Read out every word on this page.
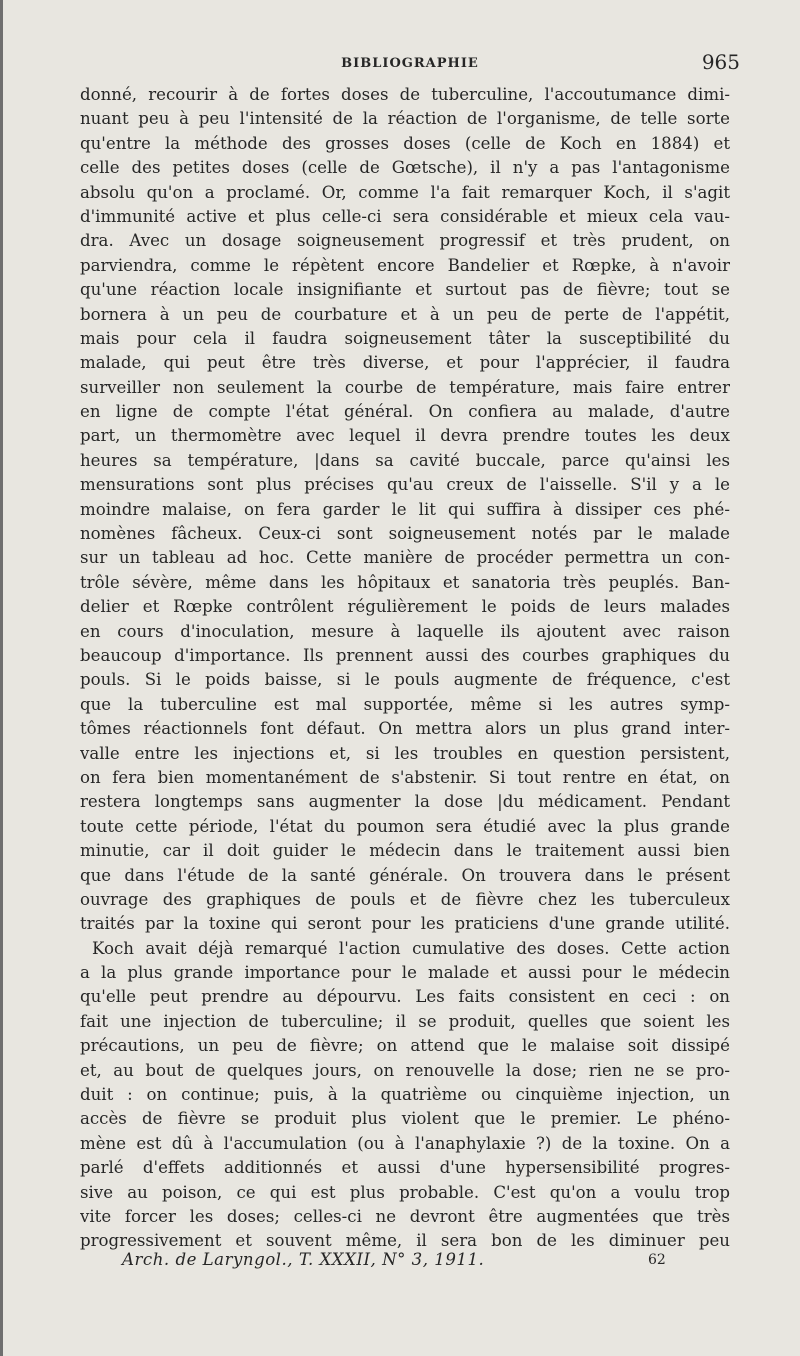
BIBLIOGRAPHIE	965
donné, recourir à de fortes doses de tuberculine, l'accoutumance dimi-
nuant peu à peu l'intensité de la réaction de l'organisme, de telle sorte
qu'entre la méthode des grosses doses (celle de Koch en 1884) et
celle des petites doses (celle de Gœtsche), il n'y a pas l'antagonisme
absolu qu'on a proclamé. Or, comme l'a fait remarquer Koch, il s'agit
d'immunité active et plus celle-ci sera considérable et mieux cela vau-
dra. Avec un dosage soigneusement progressif et très prudent, on
parviendra, comme le répètent encore Bandelier et Rœpke, à n'avoir
qu'une réaction locale insignifiante et surtout pas de fièvre; tout se
bornera à un peu de courbature et à un peu de perte de l'appétit,
mais pour cela il faudra soigneusement tâter la susceptibilité du
malade, qui peut être très diverse, et pour l'apprécier, il faudra
surveiller non seulement la courbe de température, mais faire entrer
en ligne de compte l'état général. On confiera au malade, d'autre
part, un thermomètre avec lequel il devra prendre toutes les deux
heures sa température, |dans sa cavité buccale, parce qu'ainsi les
mensurations sont plus précises qu'au creux de l'aisselle. S'il y a le
moindre malaise, on fera garder le lit qui suffira à dissiper ces phé-
nomènes fâcheux. Ceux-ci sont soigneusement notés par le malade
sur un tableau ad hoc. Cette manière de procéder permettra un con-
trôle sévère, même dans les hôpitaux et sanatoria très peuplés. Ban-
delier et Rœpke contrôlent régulièrement le poids de leurs malades
en cours d'inoculation, mesure à laquelle ils ajoutent avec raison
beaucoup d'importance. Ils prennent aussi des courbes graphiques du
pouls. Si le poids baisse, si le pouls augmente de fréquence, c'est
que la tuberculine est mal supportée, même si les autres symp-
tômes réactionnels font défaut. On mettra alors un plus grand inter-
valle entre les injections et, si les troubles en question persistent,
on fera bien momentanément de s'abstenir. Si tout rentre en état, on
restera longtemps sans augmenter la dose |du médicament. Pendant
toute cette période, l'état du poumon sera étudié avec la plus grande
minutie, car il doit guider le médecin dans le traitement aussi bien
que dans l'étude de la santé générale. On trouvera dans le présent
ouvrage des graphiques de pouls et de fièvre chez les tuberculeux
traités par la toxine qui seront pour les praticiens d'une grande utilité.
Koch avait déjà remarqué l'action cumulative des doses. Cette action
a la plus grande importance pour le malade et aussi pour le médecin
qu'elle peut prendre au dépourvu. Les faits consistent en ceci : on
fait une injection de tuberculine; il se produit, quelles que soient les
précautions, un peu de fièvre; on attend que le malaise soit dissipé
et, au bout de quelques jours, on renouvelle la dose; rien ne se pro-
duit : on continue; puis, à la quatrième ou cinquième injection, un
accès de fièvre se produit plus violent que le premier. Le phéno-
mène est dû à l'accumulation (ou à l'anaphylaxie ?) de la toxine. On a
parlé d'effets additionnés et aussi d'une hypersensibilité progres-
sive au poison, ce qui est plus probable. C'est qu'on a voulu trop
vite forcer les doses; celles-ci ne devront être augmentées que très
progressivement et souvent même, il sera bon de les diminuer peu
Arch. de Laryngol., T. XXXII, N° 3, 1911.	62
